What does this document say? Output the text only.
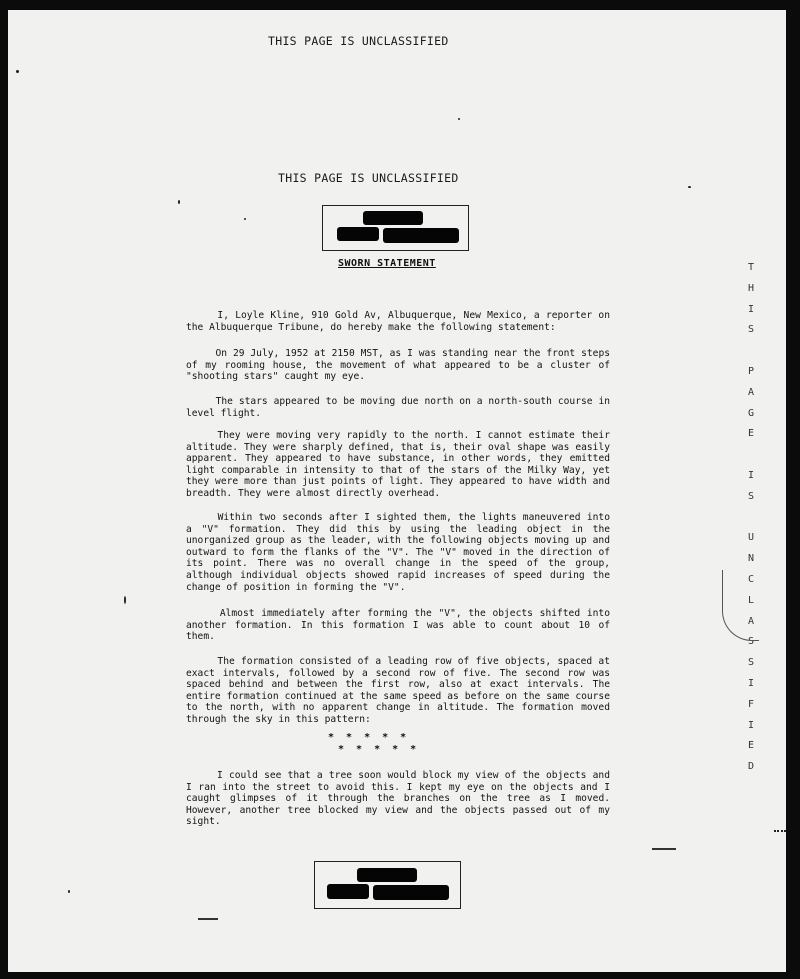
THIS PAGE IS UNCLASSIFIED
THIS PAGE IS UNCLASSIFIED
SWORN STATEMENT
I, Loyle Kline, 910 Gold Av, Albuquerque, New Mexico, a reporter on the Albuquerque Tribune, do hereby make the following statement:
On 29 July, 1952 at 2150 MST, as I was standing near the front steps of my rooming house, the movement of what appeared to be a cluster of "shooting stars" caught my eye.
The stars appeared to be moving due north on a north-south course in level flight.
They were moving very rapidly to the north. I cannot estimate their altitude. They were sharply defined, that is, their oval shape was easily apparent. They appeared to have substance, in other words, they emitted light comparable in intensity to that of the stars of the Milky Way, yet they were more than just points of light. They appeared to have width and breadth. They were almost directly overhead.
Within two seconds after I sighted them, the lights maneuvered into a "V" formation. They did this by using the leading object in the unorganized group as the leader, with the following objects moving up and outward to form the flanks of the "V". The "V" moved in the direction of its point. There was no overall change in the speed of the group, although individual objects showed rapid increases of speed during the change of position in forming the "V".
Almost immediately after forming the "V", the objects shifted into another formation. In this formation I was able to count about 10 of them.
The formation consisted of a leading row of five objects, spaced at exact intervals, followed by a second row of five. The second row was spaced behind and between the first row, also at exact intervals. The entire formation continued at the same speed as before on the same course to the north, with no apparent change in altitude. The formation moved through the sky in this pattern:
* * * * *
* * * * *
I could see that a tree soon would block my view of the objects and I ran into the street to avoid this. I kept my eye on the objects and I caught glimpses of it through the branches on the tree as I moved. However, another tree blocked my view and the objects passed out of my sight.
T
H
I
S

P
A
G
E

I
S

U
N
C
L
A
S
S
I
F
I
E
D
